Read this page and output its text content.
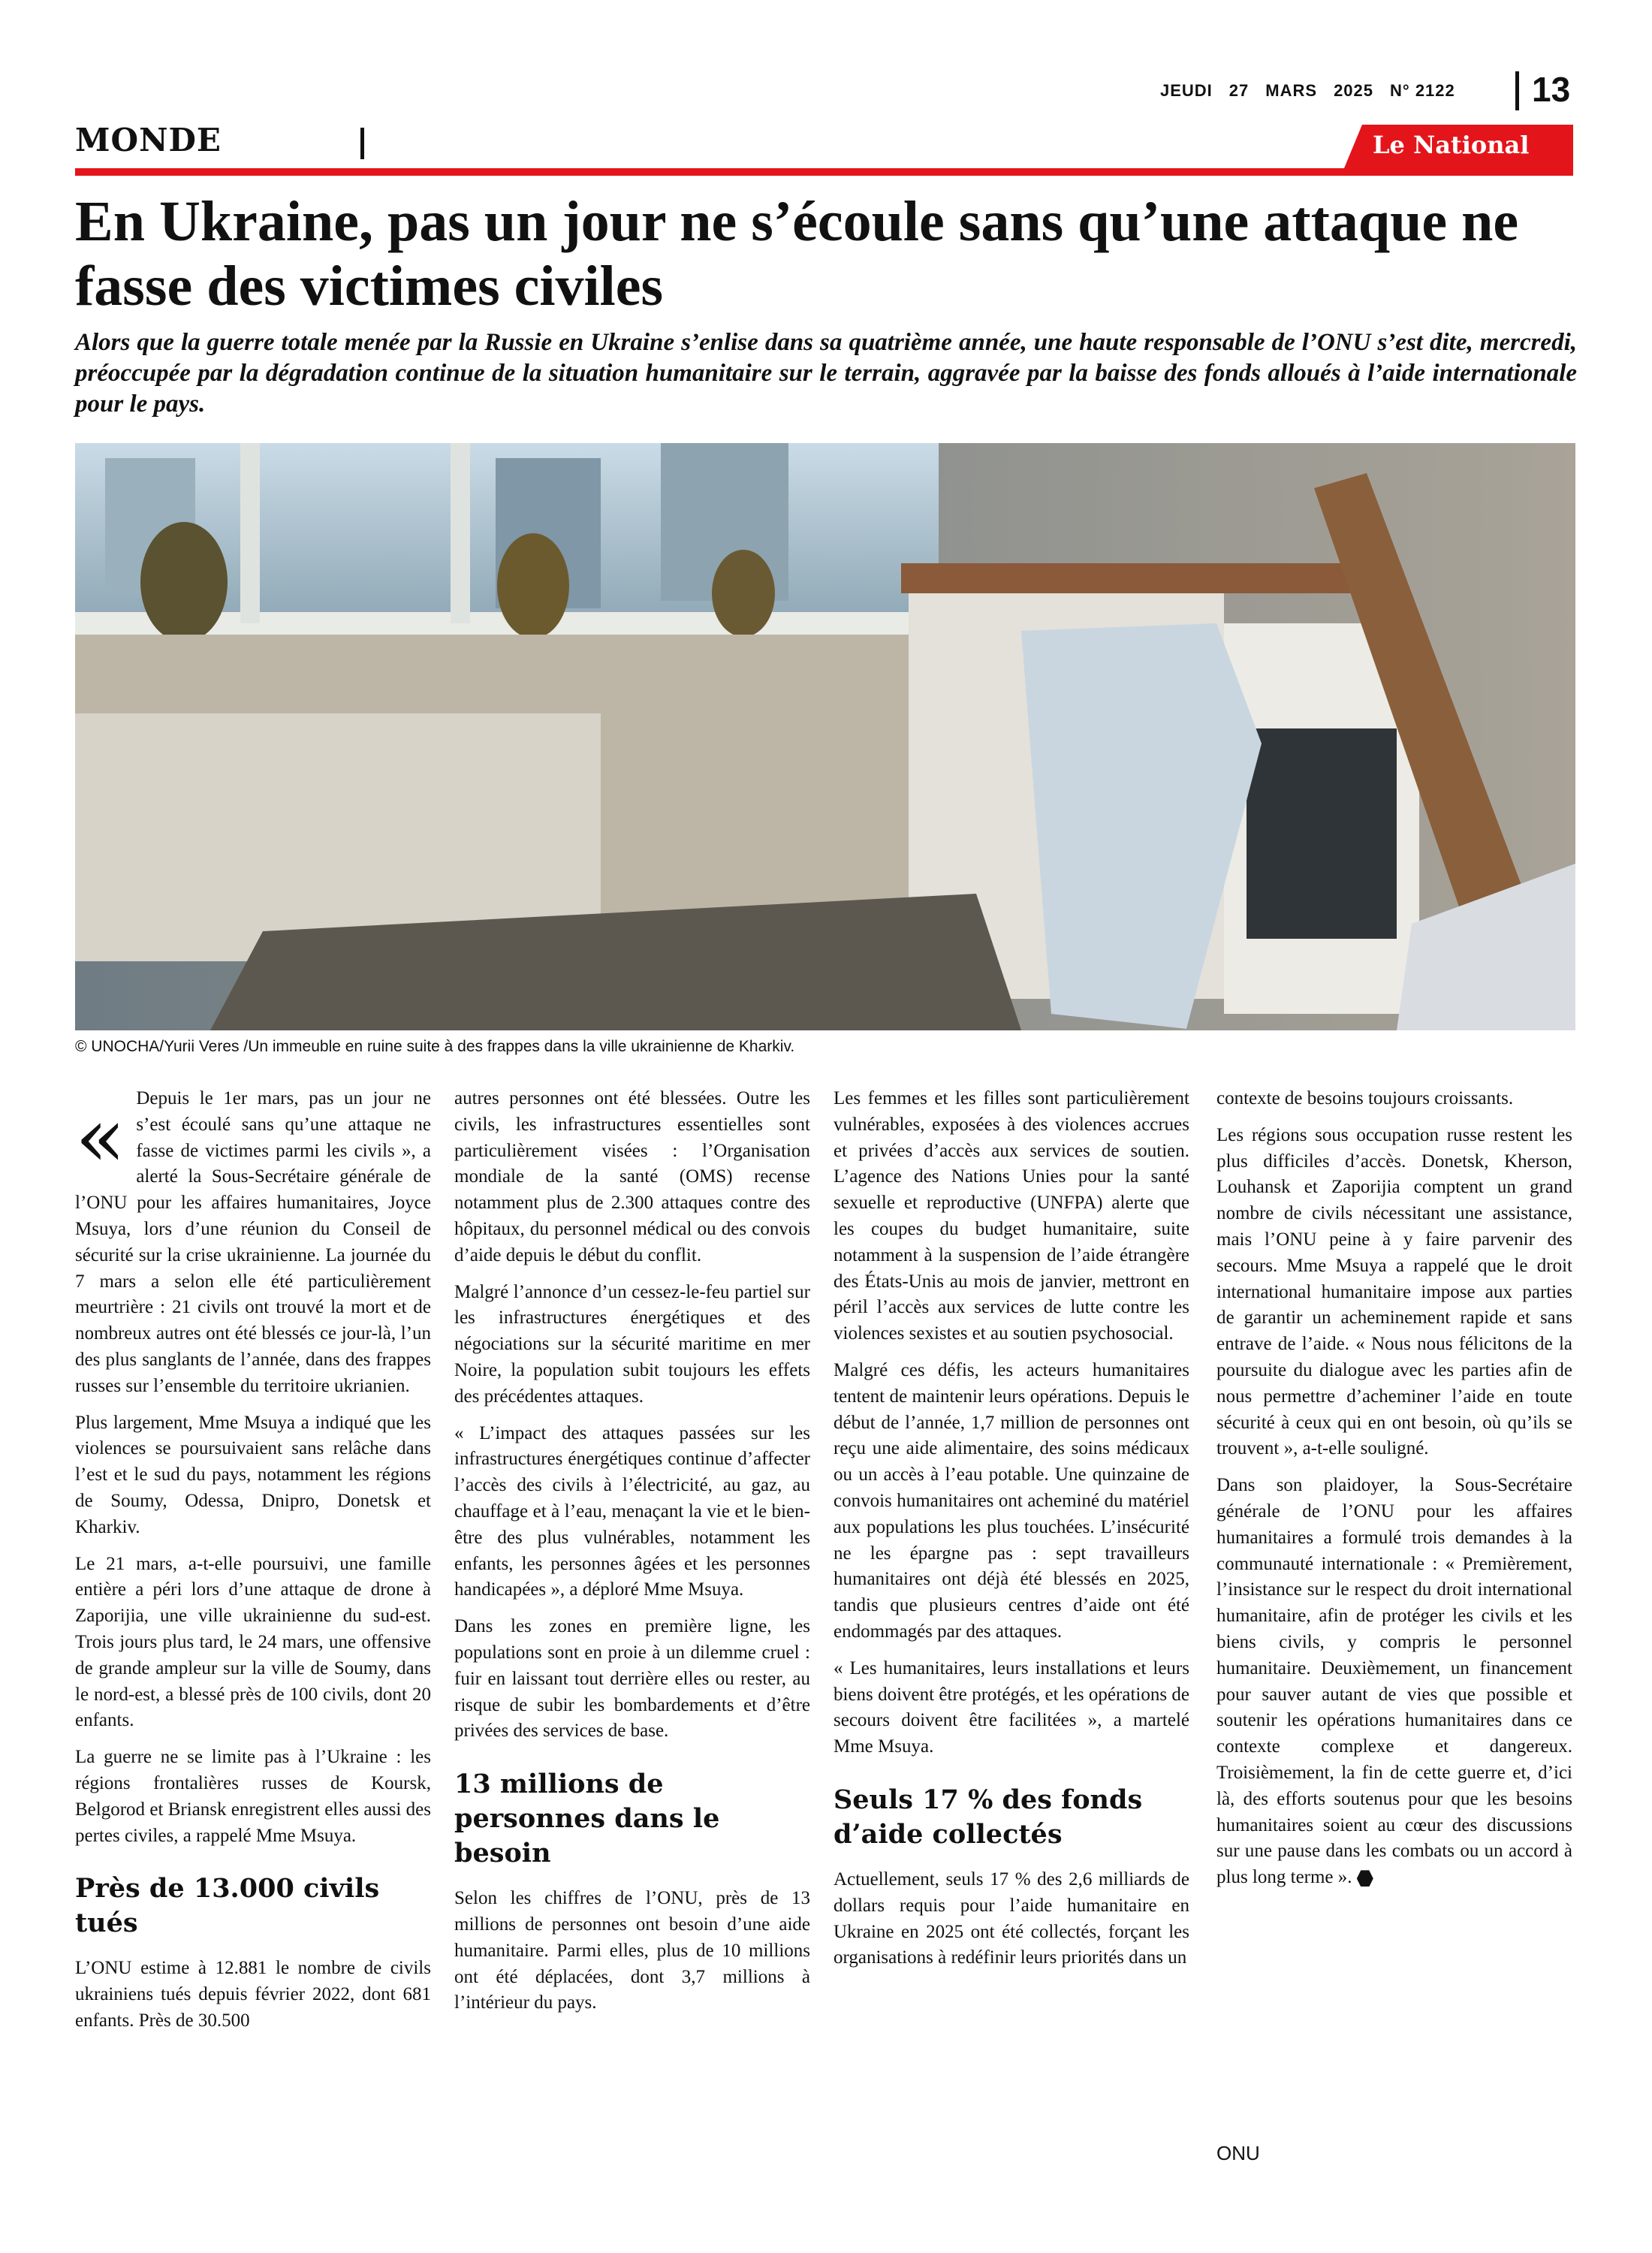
JEUDI 27 MARS 2025 N° 2122	13
MONDE	Le National
En Ukraine, pas un jour ne s’écoule sans qu’une attaque ne fasse des victimes civiles

Alors que la guerre totale menée par la Russie en Ukraine s’enlise dans sa quatrième année, une haute responsable de l’ONU s’est dite, mercredi, préoccupée par la dégradation continue de la situation humanitaire sur le terrain, aggravée par la baisse des fonds alloués à l’aide internationale pour le pays.

© UNOCHA/Yurii Veres /Un immeuble en ruine suite à des frappes dans la ville ukrainienne de Kharkiv.

« Depuis le 1er mars, pas un jour ne s’est écoulé sans qu’une attaque ne fasse de victimes parmi les civils », a alerté la Sous-Secrétaire générale de l’ONU pour les affaires humanitaires, Joyce Msuya, lors d’une réunion du Conseil de sécurité sur la crise ukrainienne. La journée du 7 mars a selon elle été particulièrement meurtrière : 21 civils ont trouvé la mort et de nombreux autres ont été blessés ce jour-là, l’un des plus sanglants de l’année, dans des frappes russes sur l’ensemble du territoire ukrianien.

Plus largement, Mme Msuya a indiqué que les violences se poursuivaient sans relâche dans l’est et le sud du pays, notamment les régions de Soumy, Odessa, Dnipro, Donetsk et Kharkiv.

Le 21 mars, a-t-elle poursuivi, une famille entière a péri lors d’une attaque de drone à Zaporijia, une ville ukrainienne du sud-est. Trois jours plus tard, le 24 mars, une offensive de grande ampleur sur la ville de Soumy, dans le nord-est, a blessé près de 100 civils, dont 20 enfants.

La guerre ne se limite pas à l’Ukraine : les régions frontalières russes de Koursk, Belgorod et Briansk enregistrent elles aussi des pertes civiles, a rappelé Mme Msuya.

Près de 13.000 civils tués

L’ONU estime à 12.881 le nombre de civils ukrainiens tués depuis février 2022, dont 681 enfants. Près de 30.500

autres personnes ont été blessées. Outre les civils, les infrastructures essentielles sont particulièrement visées : l’Organisation mondiale de la santé (OMS) recense notamment plus de 2.300 attaques contre des hôpitaux, du personnel médical ou des convois d’aide depuis le début du conflit.

Malgré l’annonce d’un cessez-le-feu partiel sur les infrastructures énergétiques et des négociations sur la sécurité maritime en mer Noire, la population subit toujours les effets des précédentes attaques.

« L’impact des attaques passées sur les infrastructures énergétiques continue d’affecter l’accès des civils à l’électricité, au gaz, au chauffage et à l’eau, menaçant la vie et le bien-être des plus vulnérables, notamment les enfants, les personnes âgées et les personnes handicapées », a déploré Mme Msuya.

Dans les zones en première ligne, les populations sont en proie à un dilemme cruel : fuir en laissant tout derrière elles ou rester, au risque de subir les bombardements et d’être privées des services de base.

13 millions de personnes dans le besoin

Selon les chiffres de l’ONU, près de 13 millions de personnes ont besoin d’une aide humanitaire. Parmi elles, plus de 10 millions ont été déplacées, dont 3,7 millions à l’intérieur du pays.

Les femmes et les filles sont particulièrement vulnérables, exposées à des violences accrues et privées d’accès aux services de soutien. L’agence des Nations Unies pour la santé sexuelle et reproductive (UNFPA) alerte que les coupes du budget humanitaire, suite notamment à la suspension de l’aide étrangère des États-Unis au mois de janvier, mettront en péril l’accès aux services de lutte contre les violences sexistes et au soutien psychosocial.

Malgré ces défis, les acteurs humanitaires tentent de maintenir leurs opérations. Depuis le début de l’année, 1,7 million de personnes ont reçu une aide alimentaire, des soins médicaux ou un accès à l’eau potable. Une quinzaine de convois humanitaires ont acheminé du matériel aux populations les plus touchées. L’insécurité ne les épargne pas : sept travailleurs humanitaires ont déjà été blessés en 2025, tandis que plusieurs centres d’aide ont été endommagés par des attaques.

« Les humanitaires, leurs installations et leurs biens doivent être protégés, et les opérations de secours doivent être facilitées », a martelé Mme Msuya.

Seuls 17 % des fonds d’aide collectés

Actuellement, seuls 17 % des 2,6 milliards de dollars requis pour l’aide humanitaire en Ukraine en 2025 ont été collectés, forçant les organisations à redéfinir leurs priorités dans un

contexte de besoins toujours croissants.

Les régions sous occupation russe restent les plus difficiles d’accès. Donetsk, Kherson, Louhansk et Zaporijia comptent un grand nombre de civils nécessitant une assistance, mais l’ONU peine à y faire parvenir des secours. Mme Msuya a rappelé que le droit international humanitaire impose aux parties de garantir un acheminement rapide et sans entrave de l’aide. « Nous nous félicitons de la poursuite du dialogue avec les parties afin de nous permettre d’acheminer l’aide en toute sécurité à ceux qui en ont besoin, où qu’ils se trouvent », a-t-elle souligné.

Dans son plaidoyer, la Sous-Secrétaire générale de l’ONU pour les affaires humanitaires a formulé trois demandes à la communauté internationale : « Premièrement, l’insistance sur le respect du droit international humanitaire, afin de protéger les civils et les biens civils, y compris le personnel humanitaire. Deuxièmement, un financement pour sauver autant de vies que possible et soutenir les opérations humanitaires dans ce contexte complexe et dangereux. Troisièmement, la fin de cette guerre et, d’ici là, des efforts soutenus pour que les besoins humanitaires soient au cœur des discussions sur une pause dans les combats ou un accord à plus long terme ».

ONU
